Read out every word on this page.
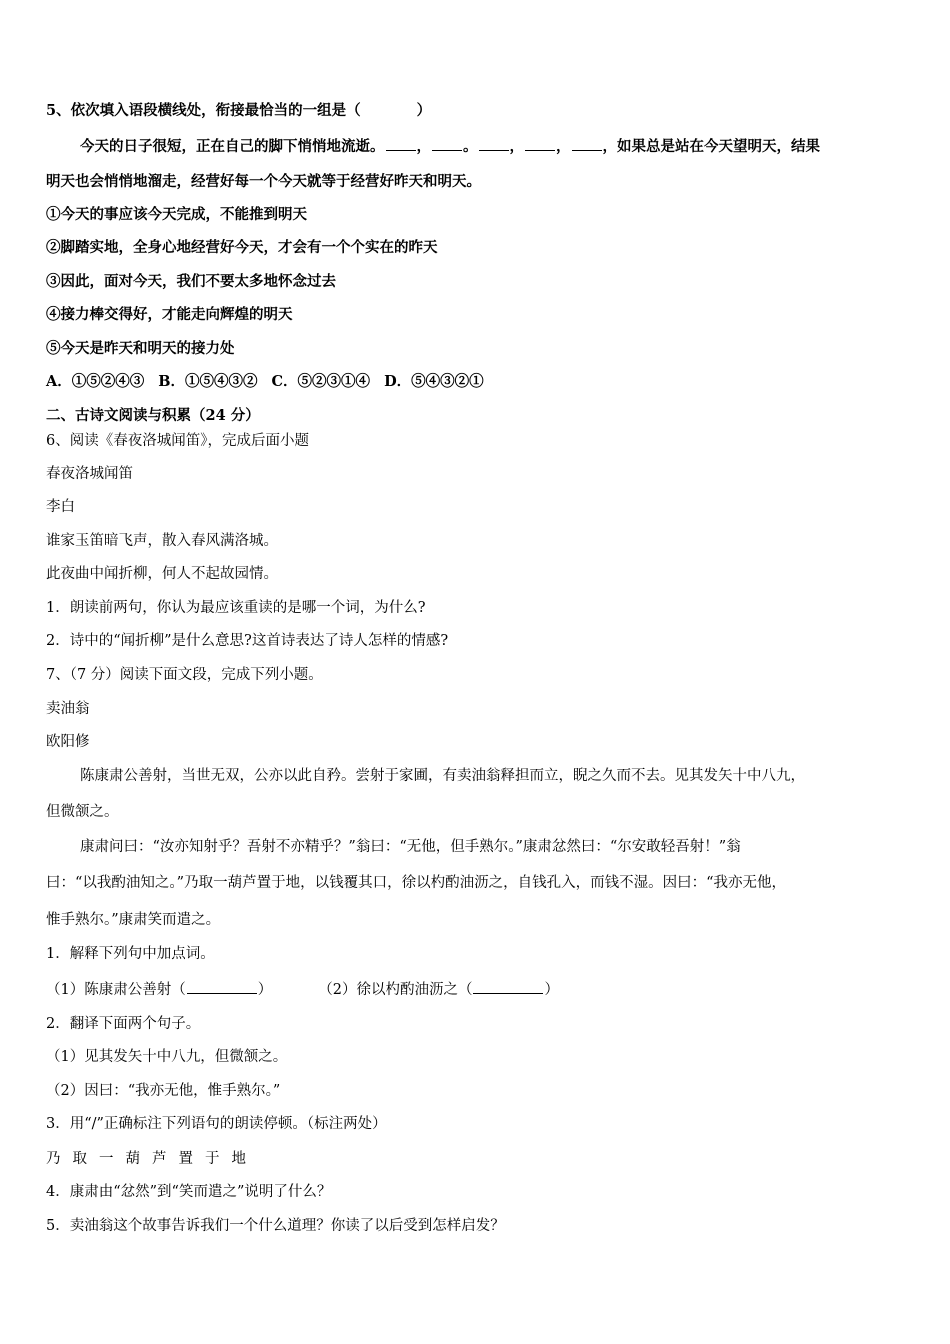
5、依次填入语段横线处，衔接最恰当的一组是（	）
今天的日子很短，正在自己的脚下悄悄地流逝。 ， 。 ， ， ，如果总是站在今天望明天，结果
明天也会悄悄地溜走，经营好每一个今天就等于经营好昨天和明天。
①今天的事应该今天完成，不能推到明天
②脚踏实地，全身心地经营好今天，才会有一个个实在的昨天
③因此，面对今天，我们不要太多地怀念过去
④接力棒交得好，才能走向辉煌的明天
⑤今天是昨天和明天的接力处
A．①⑤②④③ B．①⑤④③② C．⑤②③①④ D．⑤④③②①
二、古诗文阅读与积累（24 分）
6、阅读《春夜洛城闻笛》，完成后面小题
春夜洛城闻笛
李白
谁家玉笛暗飞声，散入春风满洛城。
此夜曲中闻折柳，何人不起故园情。
1．朗读前两句，你认为最应该重读的是哪一个词，为什么?
2．诗中的“闻折柳”是什么意思?这首诗表达了诗人怎样的情感?
7、（7 分）阅读下面文段，完成下列小题。
卖油翁
欧阳修
陈康肃公善射，当世无双，公亦以此自矜。尝射于家圃，有卖油翁释担而立，睨之久而不去。见其发矢十中八九，
但微颔之。
康肃问曰：“汝亦知射乎？吾射不亦精乎？”翁曰：“无他，但手熟尔。”康肃忿然曰：“尔安敢轻吾射！”翁
曰：“以我酌油知之。”乃取一葫芦置于地，以钱覆其口，徐以杓酌油沥之，自钱孔入，而钱不湿。因曰：“我亦无他，
惟手熟尔。”康肃笑而遣之。
1．解释下列句中加点词。
（1）陈康肃公善射（	）	（2）徐以杓酌油沥之（	）
2．翻译下面两个句子。
（1）见其发矢十中八九，但微颔之。
（2）因曰：“我亦无他，惟手熟尔。”
3．用“/”正确标注下列语句的朗读停顿。（标注两处）
乃取一葫芦置于地
4．康肃由“忿然”到“笑而遣之”说明了什么？
5．卖油翁这个故事告诉我们一个什么道理？你读了以后受到怎样启发？
